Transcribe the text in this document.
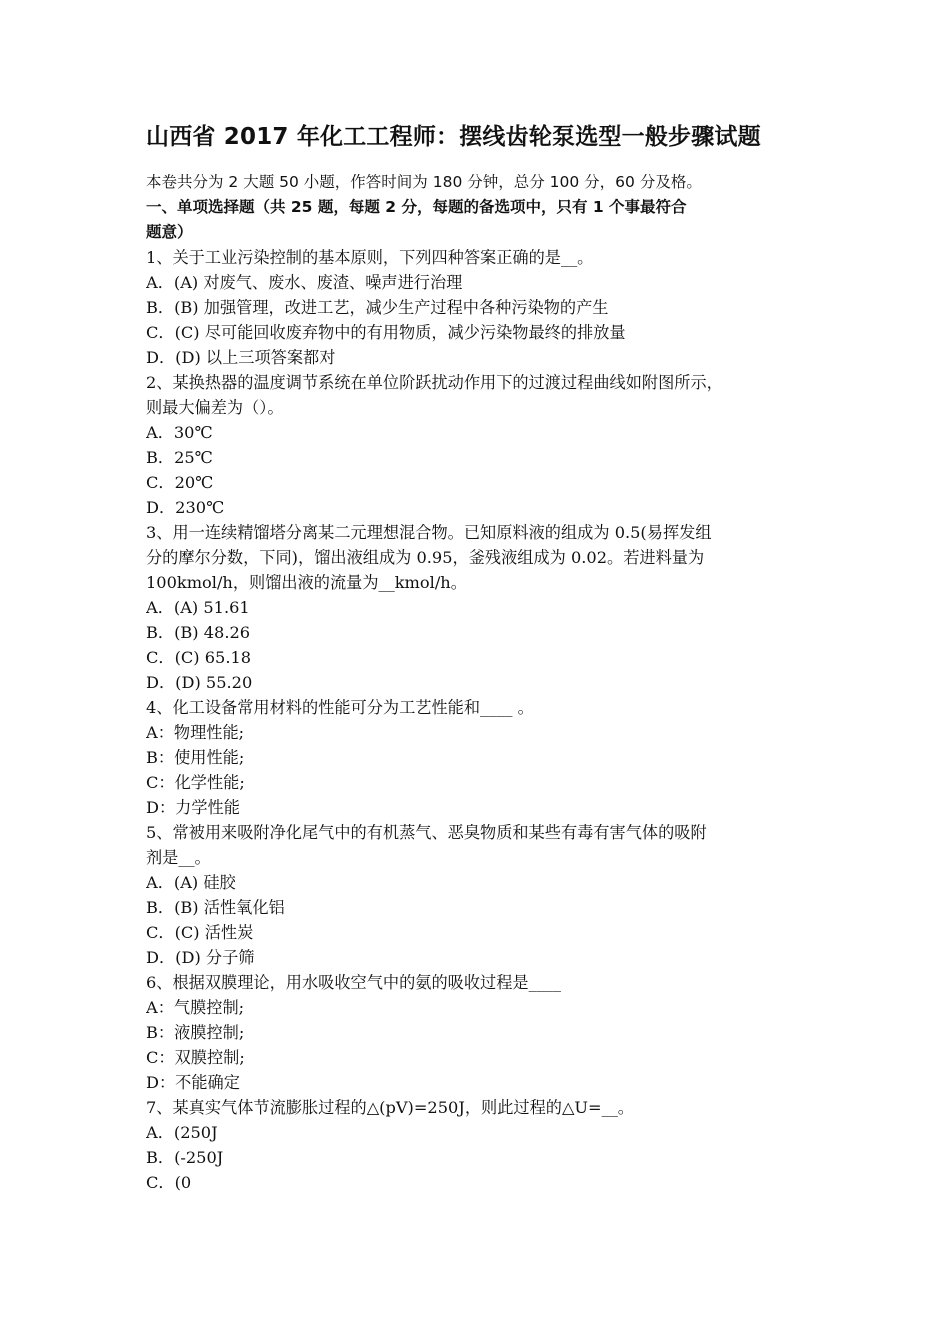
山西省 2017 年化工工程师：摆线齿轮泵选型一般步骤试题
本卷共分为 2 大题 50 小题，作答时间为 180 分钟，总分 100 分，60 分及格。
一、单项选择题（共 25 题，每题 2 分，每题的备选项中，只有 1 个事最符合
题意）
1、关于工业污染控制的基本原则，下列四种答案正确的是__。
A．(A) 对废气、废水、废渣、噪声进行治理
B．(B) 加强管理，改进工艺，减少生产过程中各种污染物的产生
C．(C) 尽可能回收废弃物中的有用物质，减少污染物最终的排放量
D．(D) 以上三项答案都对
2、某换热器的温度调节系统在单位阶跃扰动作用下的过渡过程曲线如附图所示，
则最大偏差为（）。
A．30℃
B．25℃
C．20℃
D．230℃
3、用一连续精馏塔分离某二元理想混合物。已知原料液的组成为 0.5(易挥发组
分的摩尔分数，下同)，馏出液组成为 0.95，釜残液组成为 0.02。若进料量为
100kmol/h，则馏出液的流量为__kmol/h。
A．(A) 51.61
B．(B) 48.26
C．(C) 65.18
D．(D) 55.20
4、化工设备常用材料的性能可分为工艺性能和____ 。
A：物理性能;
B：使用性能;
C：化学性能;
D：力学性能
5、常被用来吸附净化尾气中的有机蒸气、恶臭物质和某些有毒有害气体的吸附
剂是__。
A．(A) 硅胶
B．(B) 活性氧化铝
C．(C) 活性炭
D．(D) 分子筛
6、根据双膜理论，用水吸收空气中的氨的吸收过程是____
A：气膜控制;
B：液膜控制;
C：双膜控制;
D：不能确定
7、某真实气体节流膨胀过程的△(pV)=250J，则此过程的△U=__。
A．(250J
B．(-250J
C．(0
